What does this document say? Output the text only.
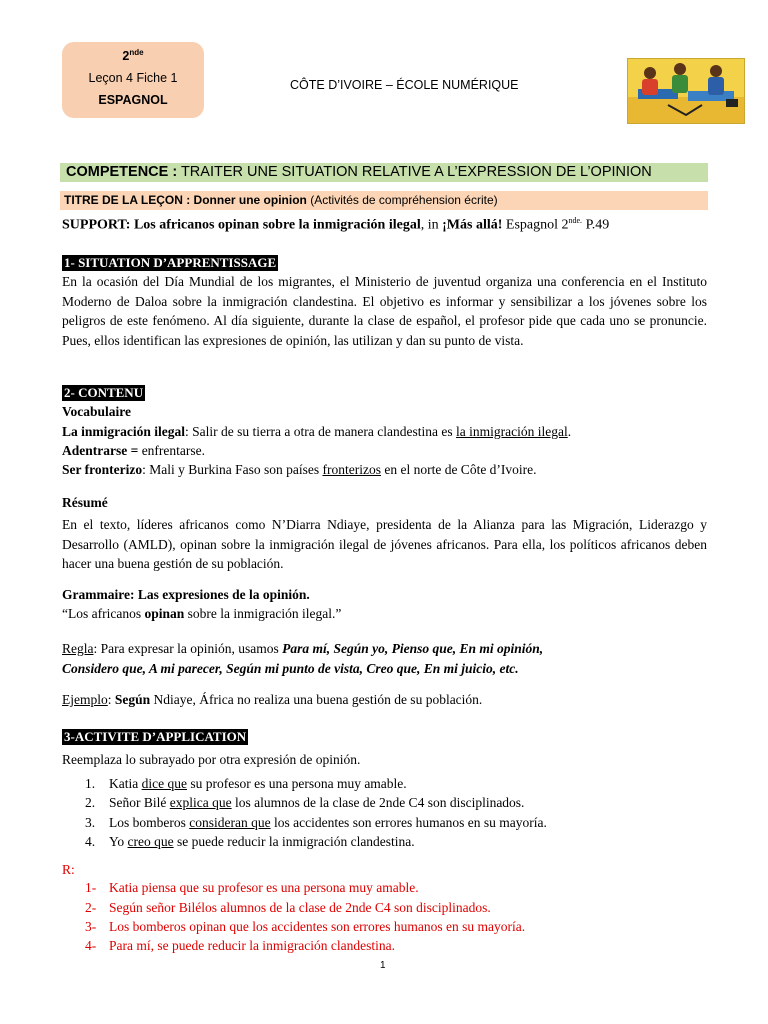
2nde
Leçon 4 Fiche 1
ESPAGNOL
CÔTE D’IVOIRE – ÉCOLE NUMÉRIQUE
COMPETENCE : TRAITER UNE SITUATION RELATIVE A L’EXPRESSION DE L’OPINION
TITRE DE LA LEÇON : Donner une opinion (Activités de compréhension écrite)
SUPPORT: Los africanos opinan sobre la inmigración ilegal, in ¡Más allá! Espagnol $2^{nde.}$ P.49
1- SITUATION D’APPRENTISSAGE
En la ocasión del Día Mundial de los migrantes, el Ministerio de juventud organiza una conferencia en el Instituto Moderno de Daloa sobre la inmigración clandestina. El objetivo es informar y sensibilizar a los jóvenes sobre los peligros de este fenómeno. Al día siguiente, durante la clase de español, el profesor pide que cada uno se pronuncie. Pues, ellos identifican las expresiones de opinión, las utilizan y dan su punto de vista.
2- CONTENU
Vocabulaire
La inmigración ilegal: Salir de su tierra a otra de manera clandestina es la inmigración ilegal.
Adentrarse = enfrentarse.
Ser fronterizo: Mali y Burkina Faso son países fronterizos en el norte de Côte d’Ivoire.
Résumé
En el texto, líderes africanos como N’Diarra Ndiaye, presidenta de la Alianza para las Migración, Liderazgo y Desarrollo (AMLD), opinan sobre la inmigración ilegal de jóvenes africanos. Para ella, los políticos africanos deben hacer una buena gestión de su población.
Grammaire: Las expresiones de la opinión.
“Los africanos opinan sobre la inmigración ilegal.”
Regla: Para expresar la opinión, usamos Para mí, Según yo, Pienso que, En mi opinión,
Considero que, A mi parecer, Según mi punto de vista, Creo que, En mi juicio, etc.
Ejemplo: Según Ndiaye, África no realiza una buena gestión de su población.
3-ACTIVITE D’APPLICATION
Reemplaza lo subrayado por otra expresión de opinión.
1. Katia dice que su profesor es una persona muy amable.
2. Señor Bilé explica que los alumnos de la clase de 2nde C4 son disciplinados.
3. Los bomberos consideran que los accidentes son errores humanos en su mayoría.
4. Yo creo que se puede reducir la inmigración clandestina.
R:
1- Katia piensa que su profesor es una persona muy amable.
2- Según señor Bilélos alumnos de la clase de 2nde C4 son disciplinados.
3- Los bomberos opinan que los accidentes son errores humanos en su mayoría.
4- Para mí, se puede reducir la inmigración clandestina.
1
